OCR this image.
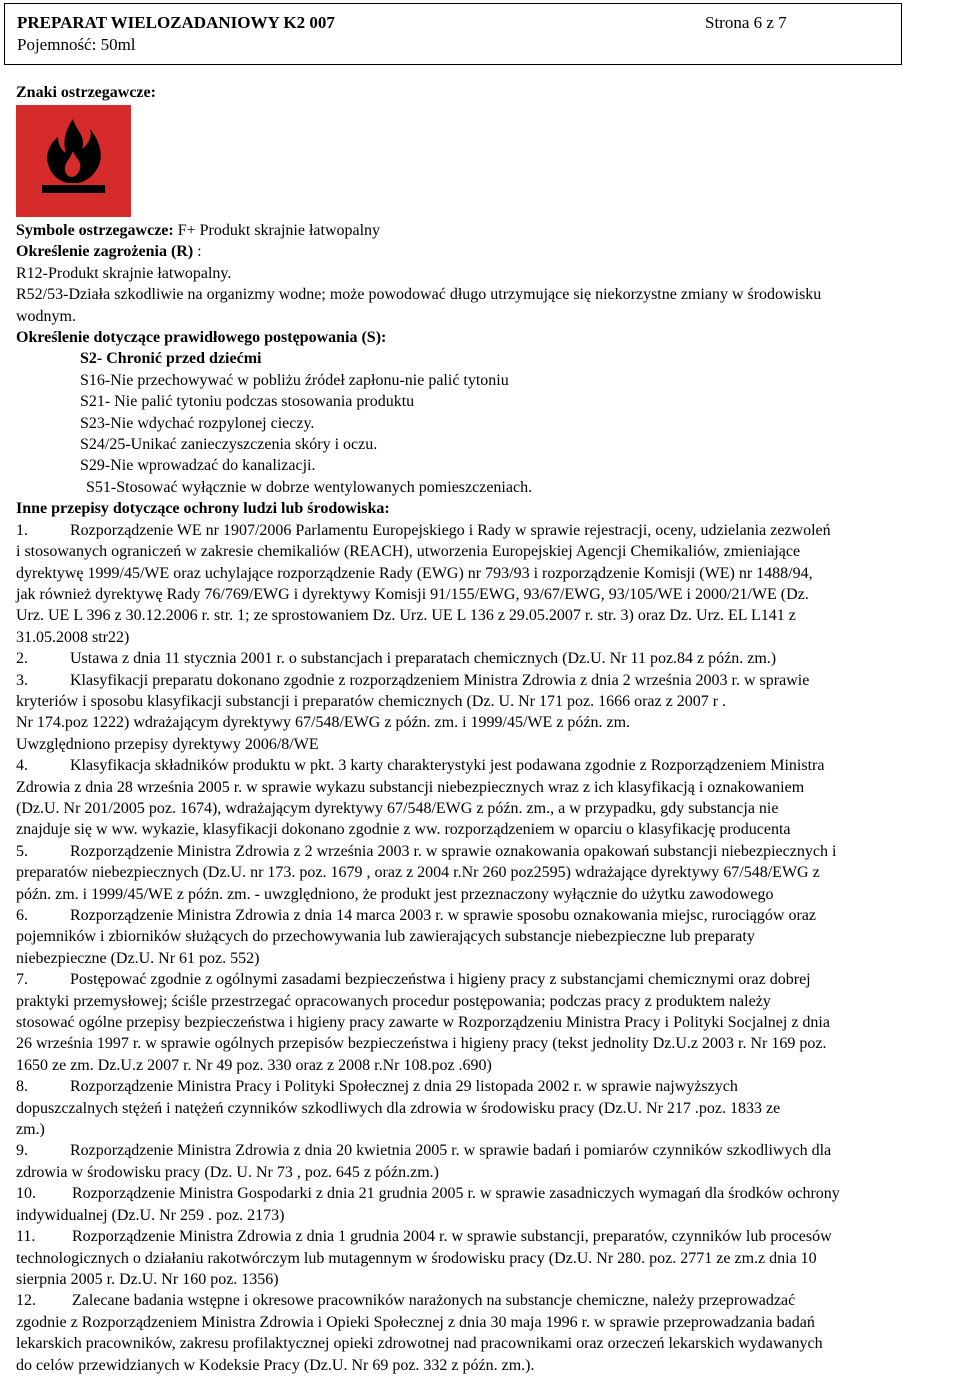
PREPARAT WIELOZADANIOWY K2 007	Strona 6 z 7
Pojemność: 50ml
Znaki ostrzegawcze:
Symbole ostrzegawcze: F+ Produkt skrajnie łatwopalny
Określenie zagrożenia (R) :
R12-Produkt skrajnie łatwopalny.
R52/53-Działa szkodliwie na organizmy wodne; może powodować długo utrzymujące się niekorzystne zmiany w środowisku
wodnym.
Określenie dotyczące prawidłowego postępowania (S):
S2- Chronić przed dziećmi
S16-Nie przechowywać w pobliżu źródeł zapłonu-nie palić tytoniu
S21- Nie palić tytoniu podczas stosowania produktu
S23-Nie wdychać rozpylonej cieczy.
S24/25-Unikać zanieczyszczenia skóry i oczu.
S29-Nie wprowadzać do kanalizacji.
S51-Stosować wyłącznie w dobrze wentylowanych pomieszczeniach.
Inne przepisy dotyczące ochrony ludzi lub środowiska:
1.	Rozporządzenie WE nr 1907/2006 Parlamentu Europejskiego i Rady w sprawie rejestracji, oceny, udzielania zezwoleń
i stosowanych ograniczeń w zakresie chemikaliów (REACH), utworzenia Europejskiej Agencji Chemikaliów, zmieniające
dyrektywę 1999/45/WE oraz uchylające rozporządzenie Rady (EWG) nr 793/93 i rozporządzenie Komisji (WE) nr 1488/94,
jak również dyrektywę Rady 76/769/EWG i dyrektywy Komisji 91/155/EWG, 93/67/EWG, 93/105/WE i 2000/21/WE (Dz.
Urz. UE L 396 z 30.12.2006 r. str. 1; ze sprostowaniem Dz. Urz. UE L 136 z 29.05.2007 r. str. 3) oraz Dz. Urz. EL L141 z
31.05.2008 str22)
2.	Ustawa z dnia 11 stycznia 2001 r. o substancjach i preparatach chemicznych (Dz.U. Nr 11 poz.84 z późn. zm.)
3.	Klasyfikacji preparatu dokonano zgodnie z rozporządzeniem Ministra Zdrowia z dnia 2 września 2003 r. w sprawie
kryteriów i sposobu klasyfikacji substancji i preparatów chemicznych (Dz. U. Nr 171 poz. 1666 oraz z 2007 r .
Nr 174.poz 1222) wdrażającym dyrektywy 67/548/EWG z późn. zm. i 1999/45/WE z późn. zm.
Uwzględniono przepisy dyrektywy 2006/8/WE
4.	Klasyfikacja składników produktu w pkt. 3 karty charakterystyki jest podawana zgodnie z Rozporządzeniem Ministra
Zdrowia z dnia 28 września 2005 r. w sprawie wykazu substancji niebezpiecznych wraz z ich klasyfikacją i oznakowaniem
(Dz.U. Nr 201/2005 poz. 1674), wdrażającym dyrektywy 67/548/EWG z późn. zm., a w przypadku, gdy substancja nie
znajduje się w ww. wykazie, klasyfikacji dokonano zgodnie z ww. rozporządzeniem w oparciu o klasyfikację producenta
5.	Rozporządzenie Ministra Zdrowia z 2 września 2003 r. w sprawie oznakowania opakowań substancji niebezpiecznych i
preparatów niebezpiecznych (Dz.U. nr 173. poz. 1679 , oraz z 2004 r.Nr 260 poz2595) wdrażające dyrektywy 67/548/EWG z
późn. zm. i 1999/45/WE z późn. zm. - uwzględniono, że produkt jest przeznaczony wyłącznie do użytku zawodowego
6.	Rozporządzenie Ministra Zdrowia z dnia 14 marca 2003 r. w sprawie sposobu oznakowania miejsc, rurociągów oraz
pojemników i zbiorników służących do przechowywania lub zawierających substancje niebezpieczne lub preparaty
niebezpieczne (Dz.U. Nr 61 poz. 552)
7.	Postępować zgodnie z ogólnymi zasadami bezpieczeństwa i higieny pracy z substancjami chemicznymi oraz dobrej
praktyki przemysłowej; ściśle przestrzegać opracowanych procedur postępowania; podczas pracy z produktem należy
stosować ogólne przepisy bezpieczeństwa i higieny pracy zawarte w Rozporządzeniu Ministra Pracy i Polityki Socjalnej z dnia
26 września 1997 r. w sprawie ogólnych przepisów bezpieczeństwa i higieny pracy (tekst jednolity Dz.U.z 2003 r. Nr 169 poz.
1650 ze zm. Dz.U.z 2007 r. Nr 49 poz. 330 oraz z 2008 r.Nr 108.poz .690)
8.	Rozporządzenie Ministra Pracy i Polityki Społecznej z dnia 29 listopada 2002 r. w sprawie najwyższych
dopuszczalnych stężeń i natężeń czynników szkodliwych dla zdrowia w środowisku pracy (Dz.U. Nr 217 .poz. 1833 ze
zm.)
9.	Rozporządzenie Ministra Zdrowia z dnia 20 kwietnia 2005 r. w sprawie badań i pomiarów czynników szkodliwych dla
zdrowia w środowisku pracy (Dz. U. Nr 73 , poz. 645 z późn.zm.)
10. Rozporządzenie Ministra Gospodarki z dnia 21 grudnia 2005 r. w sprawie zasadniczych wymagań dla środków ochrony
indywidualnej (Dz.U. Nr 259 . poz. 2173)
11. Rozporządzenie Ministra Zdrowia z dnia 1 grudnia 2004 r. w sprawie substancji, preparatów, czynników lub procesów
technologicznych o działaniu rakotwórczym lub mutagennym w środowisku pracy (Dz.U. Nr 280. poz. 2771 ze zm.z dnia 10
sierpnia 2005 r. Dz.U. Nr 160 poz. 1356)
12. Zalecane badania wstępne i okresowe pracowników narażonych na substancje chemiczne, należy przeprowadzać
zgodnie z Rozporządzeniem Ministra Zdrowia i Opieki Społecznej z dnia 30 maja 1996 r. w sprawie przeprowadzania badań
lekarskich pracowników, zakresu profilaktycznej opieki zdrowotnej nad pracownikami oraz orzeczeń lekarskich wydawanych
do celów przewidzianych w Kodeksie Pracy (Dz.U. Nr 69 poz. 332 z późn. zm.).
